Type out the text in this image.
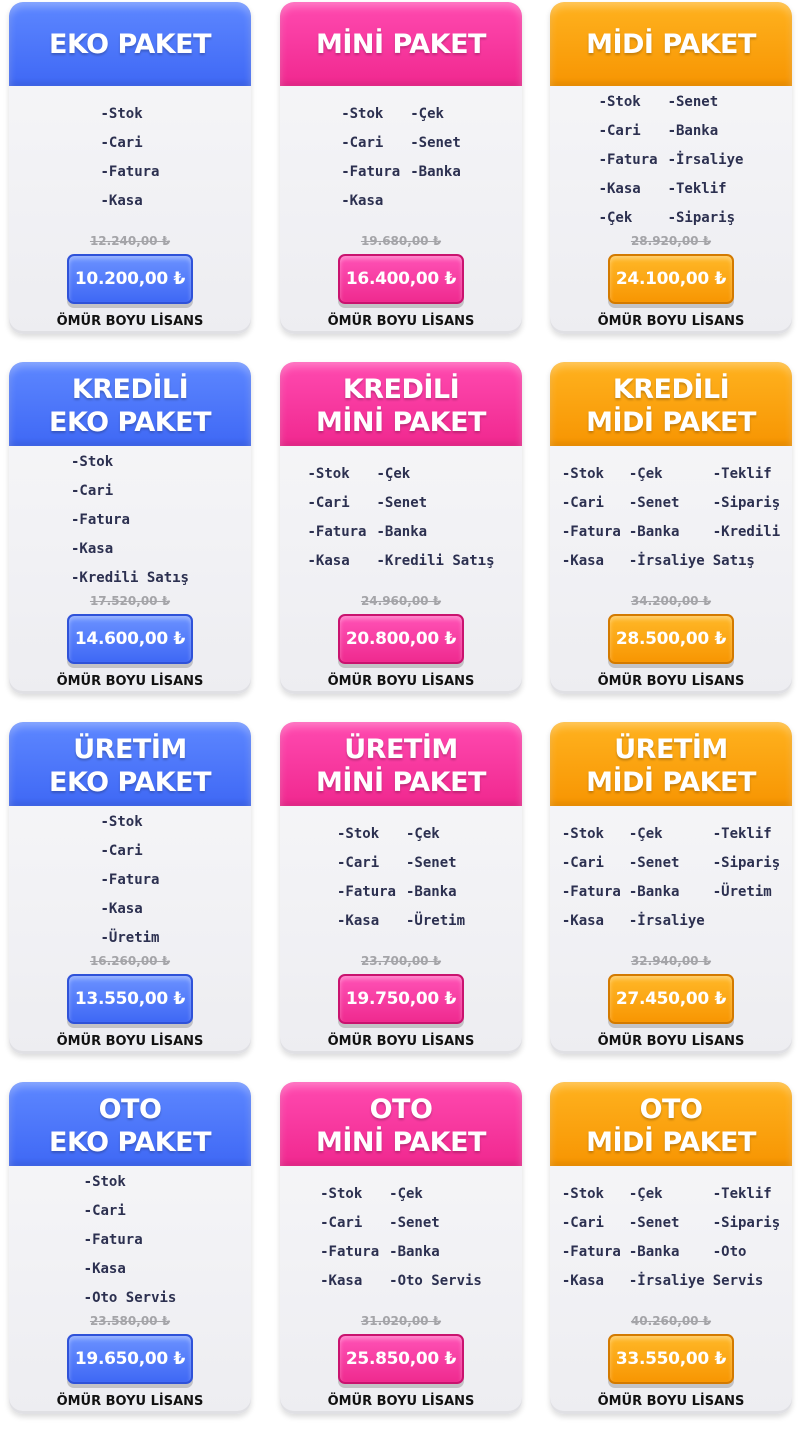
EKO PAKET
-Stok
-Cari
-Fatura
-Kasa
12.240,00 ₺
10.200,00 ₺
ÖMÜR BOYU LİSANS
MİNİ PAKET
-Stok
-Cari
-Fatura
-Kasa
-Çek
-Senet
-Banka
19.680,00 ₺
16.400,00 ₺
ÖMÜR BOYU LİSANS
MİDİ PAKET
-Stok
-Cari
-Fatura
-Kasa
-Çek
-Senet
-Banka
-İrsaliye
-Teklif
-Sipariş
28.920,00 ₺
24.100,00 ₺
ÖMÜR BOYU LİSANS
KREDİLİ
EKO PAKET
-Stok
-Cari
-Fatura
-Kasa
-Kredili Satış
17.520,00 ₺
14.600,00 ₺
ÖMÜR BOYU LİSANS
KREDİLİ
MİNİ PAKET
-Stok
-Cari
-Fatura
-Kasa
-Çek
-Senet
-Banka
-Kredili Satış
24.960,00 ₺
20.800,00 ₺
ÖMÜR BOYU LİSANS
KREDİLİ
MİDİ PAKET
-Stok
-Cari
-Fatura
-Kasa
-Çek
-Senet
-Banka
-İrsaliye
-Teklif
-Sipariş
-Kredili
Satış
34.200,00 ₺
28.500,00 ₺
ÖMÜR BOYU LİSANS
ÜRETİM
EKO PAKET
-Stok
-Cari
-Fatura
-Kasa
-Üretim
16.260,00 ₺
13.550,00 ₺
ÖMÜR BOYU LİSANS
ÜRETİM
MİNİ PAKET
-Stok
-Cari
-Fatura
-Kasa
-Çek
-Senet
-Banka
-Üretim
23.700,00 ₺
19.750,00 ₺
ÖMÜR BOYU LİSANS
ÜRETİM
MİDİ PAKET
-Stok
-Cari
-Fatura
-Kasa
-Çek
-Senet
-Banka
-İrsaliye
-Teklif
-Sipariş
-Üretim
32.940,00 ₺
27.450,00 ₺
ÖMÜR BOYU LİSANS
OTO
EKO PAKET
-Stok
-Cari
-Fatura
-Kasa
-Oto Servis
23.580,00 ₺
19.650,00 ₺
ÖMÜR BOYU LİSANS
OTO
MİNİ PAKET
-Stok
-Cari
-Fatura
-Kasa
-Çek
-Senet
-Banka
-Oto Servis
31.020,00 ₺
25.850,00 ₺
ÖMÜR BOYU LİSANS
OTO
MİDİ PAKET
-Stok
-Cari
-Fatura
-Kasa
-Çek
-Senet
-Banka
-İrsaliye
-Teklif
-Sipariş
-Oto
Servis
40.260,00 ₺
33.550,00 ₺
ÖMÜR BOYU LİSANS
